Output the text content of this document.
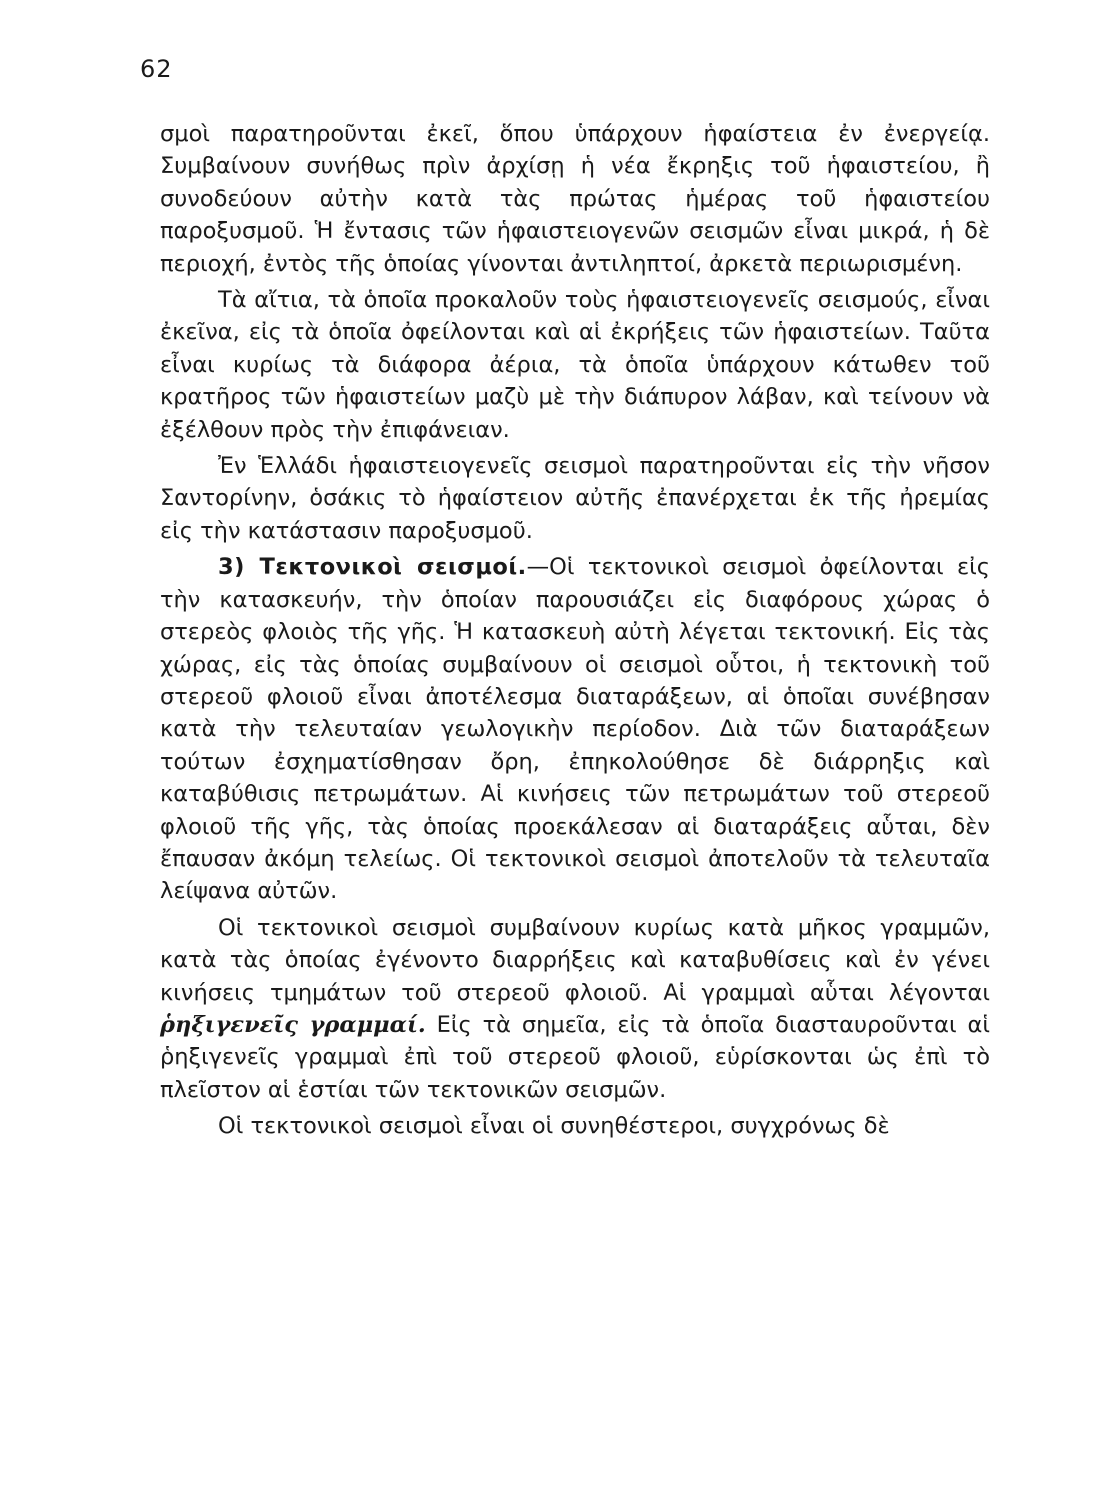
62

σμοὶ παρατηροῦνται ἐκεῖ, ὅπου ὑπάρχουν ἡφαίστεια ἐν ἐνεργείᾳ. Συμβαίνουν συνήθως πρὶν ἀρχίσῃ ἡ νέα ἔκρηξις τοῦ ἡφαιστείου, ἢ συνοδεύουν αὐτὴν κατὰ τὰς πρώτας ἡμέρας τοῦ ἡφαιστείου παροξυσμοῦ. Ἡ ἔντασις τῶν ἡφαιστειογενῶν σεισμῶν εἶναι μικρά, ἡ δὲ περιοχή, ἐντὸς τῆς ὁποίας γίνονται ἀντιληπτοί, ἀρκετὰ περιωρισμένη.

Τὰ αἴτια, τὰ ὁποῖα προκαλοῦν τοὺς ἡφαιστειογενεῖς σεισμούς, εἶναι ἐκεῖνα, εἰς τὰ ὁποῖα ὀφείλονται καὶ αἱ ἐκρήξεις τῶν ἡφαιστείων. Ταῦτα εἶναι κυρίως τὰ διάφορα ἀέρια, τὰ ὁποῖα ὑπάρχουν κάτωθεν τοῦ κρατῆρος τῶν ἡφαιστείων μαζὺ μὲ τὴν διάπυρον λάβαν, καὶ τείνουν νὰ ἐξέλθουν πρὸς τὴν ἐπιφάνειαν.

Ἐν Ἑλλάδι ἡφαιστειογενεῖς σεισμοὶ παρατηροῦνται εἰς τὴν νῆσον Σαντορίνην, ὁσάκις τὸ ἡφαίστειον αὐτῆς ἐπανέρχεται ἐκ τῆς ἠρεμίας εἰς τὴν κατάστασιν παροξυσμοῦ.

3) Τεκτονικοὶ σεισμοί.—Οἱ τεκτονικοὶ σεισμοὶ ὀφείλονται εἰς τὴν κατασκευήν, τὴν ὁποίαν παρουσιάζει εἰς διαφόρους χώρας ὁ στερεὸς φλοιὸς τῆς γῆς. Ἡ κατασκευὴ αὐτὴ λέγεται τεκτονική. Εἰς τὰς χώρας, εἰς τὰς ὁποίας συμβαίνουν οἱ σεισμοὶ οὗτοι, ἡ τεκτονικὴ τοῦ στερεοῦ φλοιοῦ εἶναι ἀποτέλεσμα διαταράξεων, αἱ ὁποῖαι συνέβησαν κατὰ τὴν τελευταίαν γεωλογικὴν περίοδον. Διὰ τῶν διαταράξεων τούτων ἐσχηματίσθησαν ὄρη, ἐπηκολούθησε δὲ διάρρηξις καὶ καταβύθισις πετρωμάτων. Αἱ κινήσεις τῶν πετρωμάτων τοῦ στερεοῦ φλοιοῦ τῆς γῆς, τὰς ὁποίας προεκάλεσαν αἱ διαταράξεις αὗται, δὲν ἔπαυσαν ἀκόμη τελείως. Οἱ τεκτονικοὶ σεισμοὶ ἀποτελοῦν τὰ τελευταῖα λείψανα αὐτῶν.

Οἱ τεκτονικοὶ σεισμοὶ συμβαίνουν κυρίως κατὰ μῆκος γραμμῶν, κατὰ τὰς ὁποίας ἐγένοντο διαρρήξεις καὶ καταβυθίσεις καὶ ἐν γένει κινήσεις τμημάτων τοῦ στερεοῦ φλοιοῦ. Αἱ γραμμαὶ αὗται λέγονται ῥηξιγενεῖς γραμμαί. Εἰς τὰ σημεῖα, εἰς τὰ ὁποῖα διασταυροῦνται αἱ ῥηξιγενεῖς γραμμαὶ ἐπὶ τοῦ στερεοῦ φλοιοῦ, εὑρίσκονται ὡς ἐπὶ τὸ πλεῖστον αἱ ἑστίαι τῶν τεκτονικῶν σεισμῶν.

Οἱ τεκτονικοὶ σεισμοὶ εἶναι οἱ συνηθέστεροι, συγχρόνως δὲ
